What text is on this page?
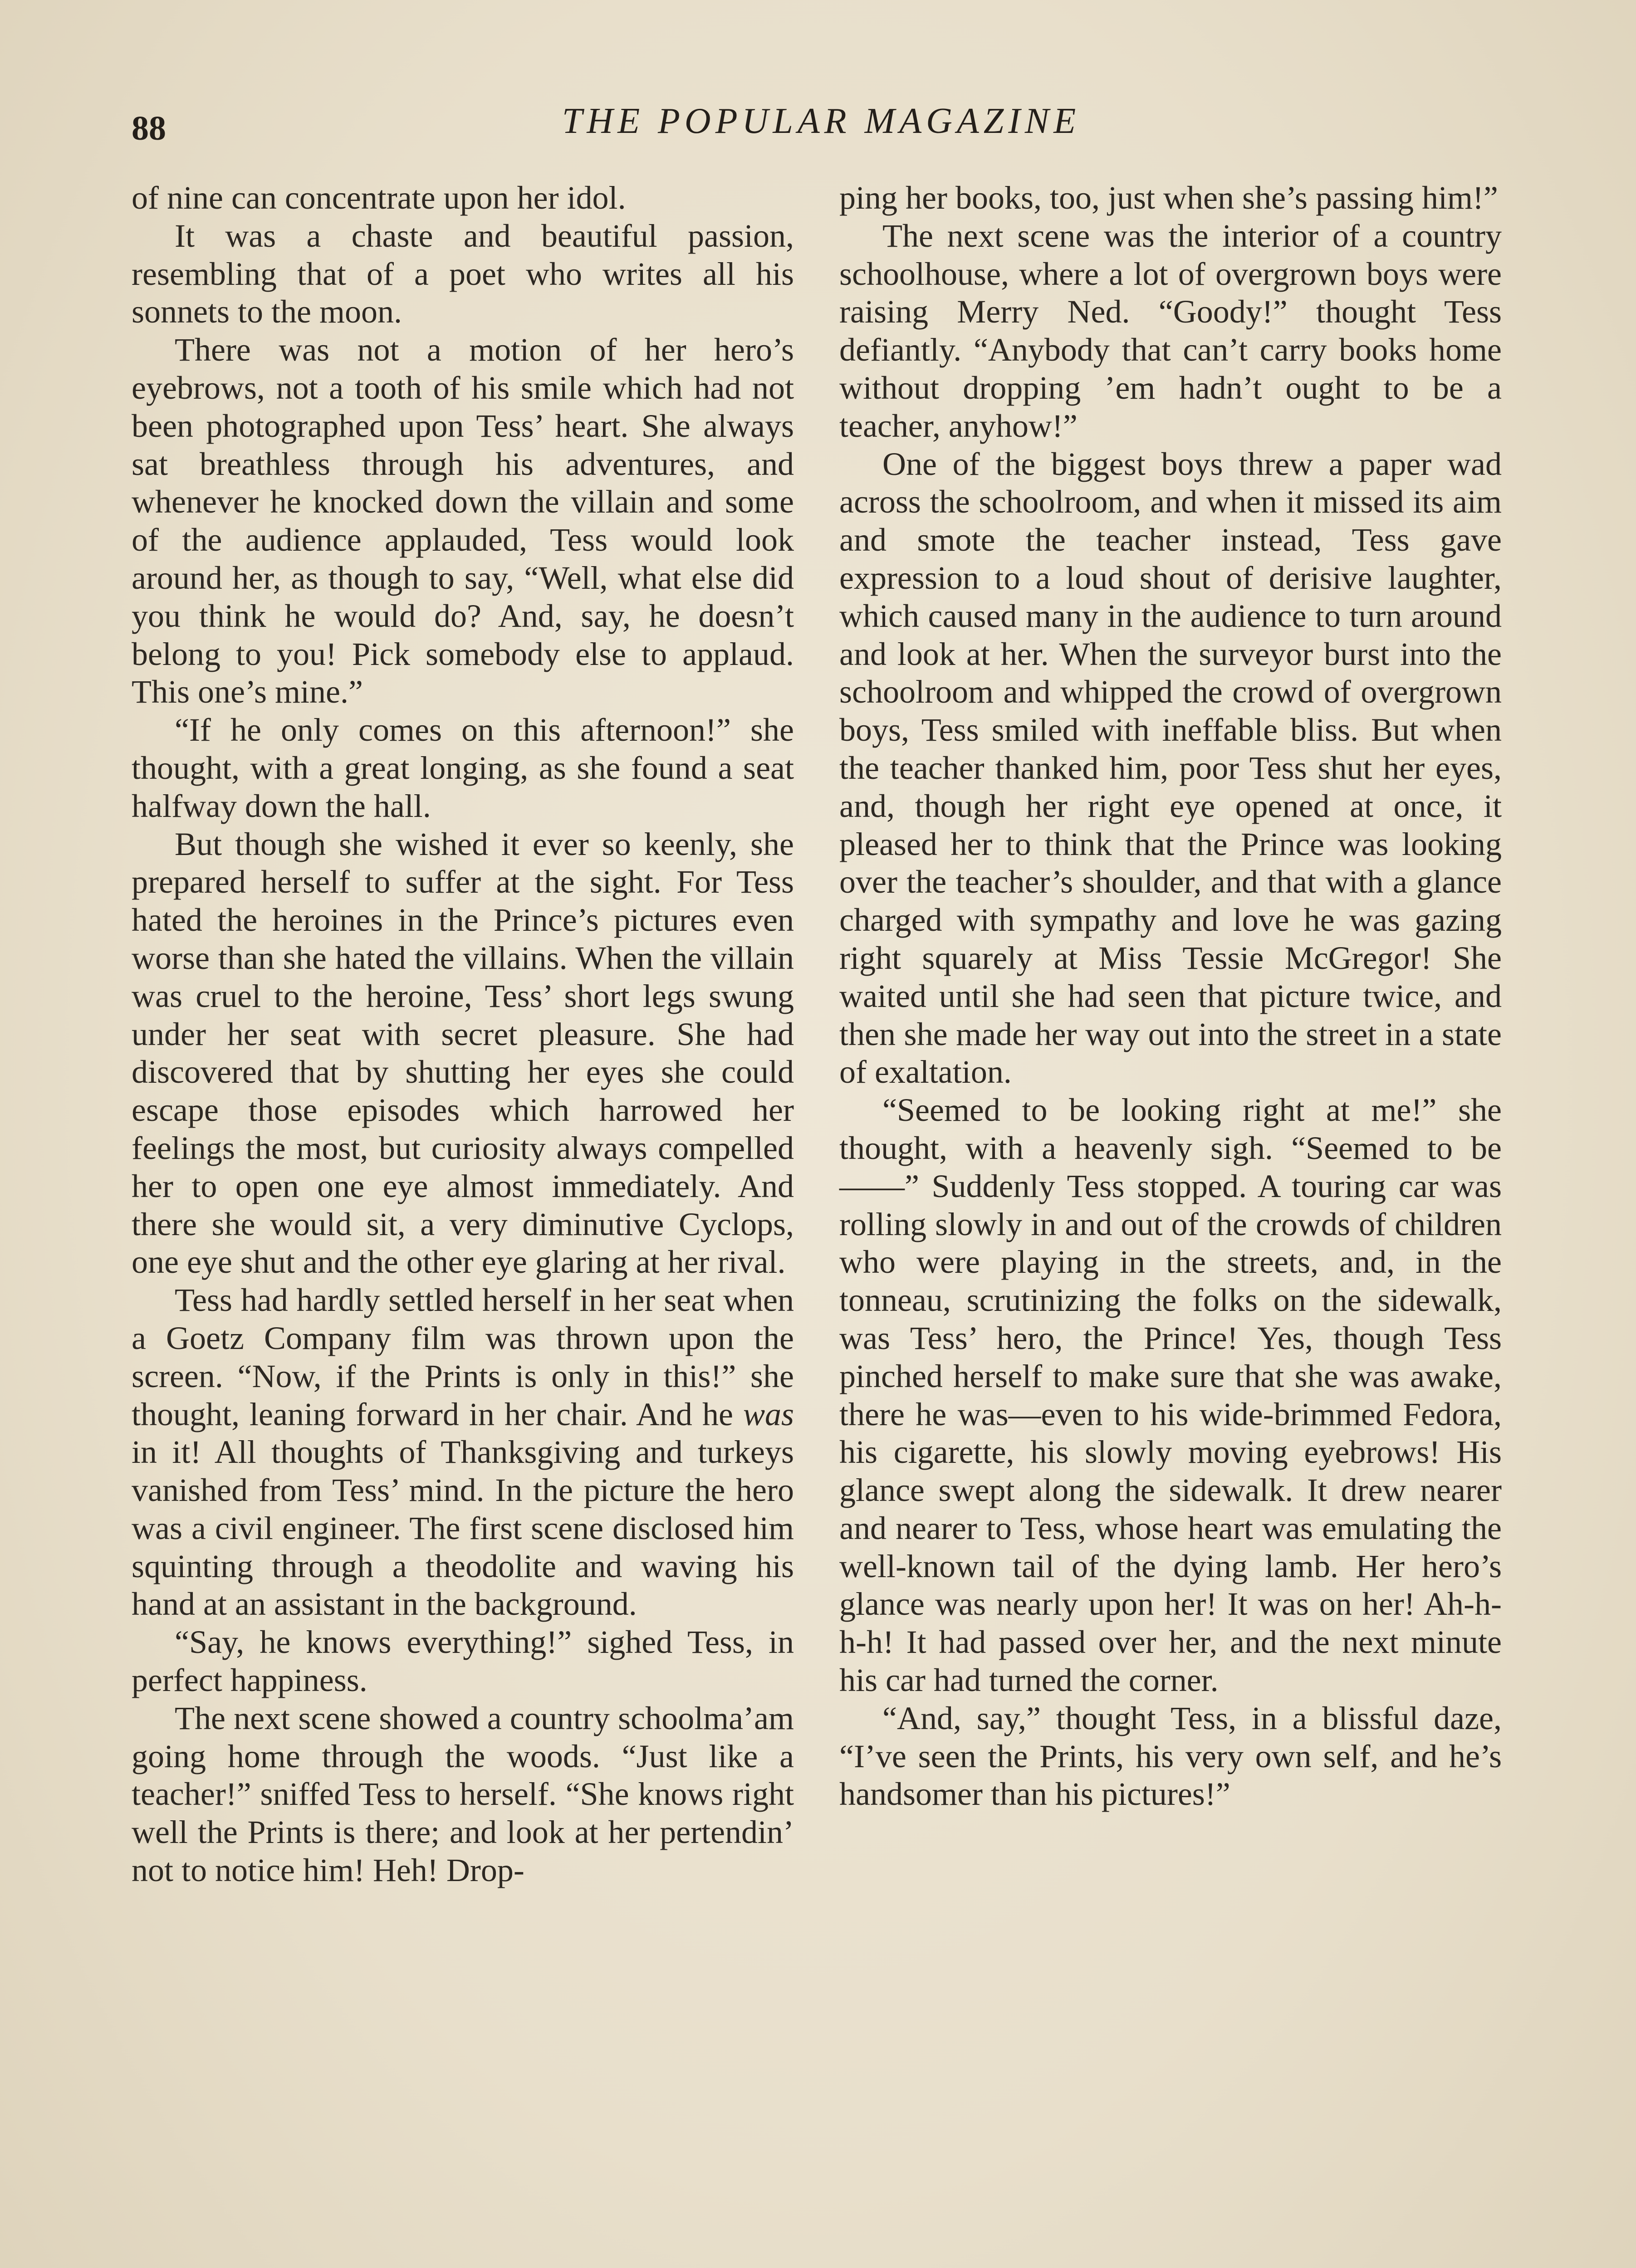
88	THE POPULAR MAGAZINE

of nine can concentrate upon her idol.

It was a chaste and beautiful passion, resembling that of a poet who writes all his sonnets to the moon.

There was not a motion of her hero’s eyebrows, not a tooth of his smile which had not been photographed upon Tess’ heart. She always sat breathless through his adventures, and whenever he knocked down the villain and some of the audience applauded, Tess would look around her, as though to say, “Well, what else did you think he would do? And, say, he doesn’t belong to you! Pick somebody else to applaud. This one’s mine.”

“If he only comes on this afternoon!” she thought, with a great longing, as she found a seat halfway down the hall.

But though she wished it ever so keenly, she prepared herself to suffer at the sight. For Tess hated the heroines in the Prince’s pictures even worse than she hated the villains. When the villain was cruel to the heroine, Tess’ short legs swung under her seat with secret pleasure. She had discovered that by shutting her eyes she could escape those episodes which harrowed her feelings the most, but curiosity always compelled her to open one eye almost immediately. And there she would sit, a very diminutive Cyclops, one eye shut and the other eye glaring at her rival.

Tess had hardly settled herself in her seat when a Goetz Company film was thrown upon the screen. “Now, if the Prints is only in this!” she thought, leaning forward in her chair. And he was in it! All thoughts of Thanksgiving and turkeys vanished from Tess’ mind. In the picture the hero was a civil engineer. The first scene disclosed him squinting through a theodolite and waving his hand at an assistant in the background.

“Say, he knows everything!” sighed Tess, in perfect happiness.

The next scene showed a country schoolma’am going home through the woods. “Just like a teacher!” sniffed Tess to herself. “She knows right well the Prints is there; and look at her pertendin’ not to notice him! Heh! Drop-

ping her books, too, just when she’s passing him!”

The next scene was the interior of a country schoolhouse, where a lot of overgrown boys were raising Merry Ned. “Goody!” thought Tess defiantly. “Anybody that can’t carry books home without dropping ’em hadn’t ought to be a teacher, anyhow!”

One of the biggest boys threw a paper wad across the schoolroom, and when it missed its aim and smote the teacher instead, Tess gave expression to a loud shout of derisive laughter, which caused many in the audience to turn around and look at her. When the surveyor burst into the schoolroom and whipped the crowd of overgrown boys, Tess smiled with ineffable bliss. But when the teacher thanked him, poor Tess shut her eyes, and, though her right eye opened at once, it pleased her to think that the Prince was looking over the teacher’s shoulder, and that with a glance charged with sympathy and love he was gazing right squarely at Miss Tessie McGregor! She waited until she had seen that picture twice, and then she made her way out into the street in a state of exaltation.

“Seemed to be looking right at me!” she thought, with a heavenly sigh. “Seemed to be——” Suddenly Tess stopped. A touring car was rolling slowly in and out of the crowds of children who were playing in the streets, and, in the tonneau, scrutinizing the folks on the sidewalk, was Tess’ hero, the Prince! Yes, though Tess pinched herself to make sure that she was awake, there he was—even to his wide-brimmed Fedora, his cigarette, his slowly moving eyebrows! His glance swept along the sidewalk. It drew nearer and nearer to Tess, whose heart was emulating the well-known tail of the dying lamb. Her hero’s glance was nearly upon her! It was on her! Ah-h-h-h! It had passed over her, and the next minute his car had turned the corner.

“And, say,” thought Tess, in a blissful daze, “I’ve seen the Prints, his very own self, and he’s handsomer than his pictures!”
